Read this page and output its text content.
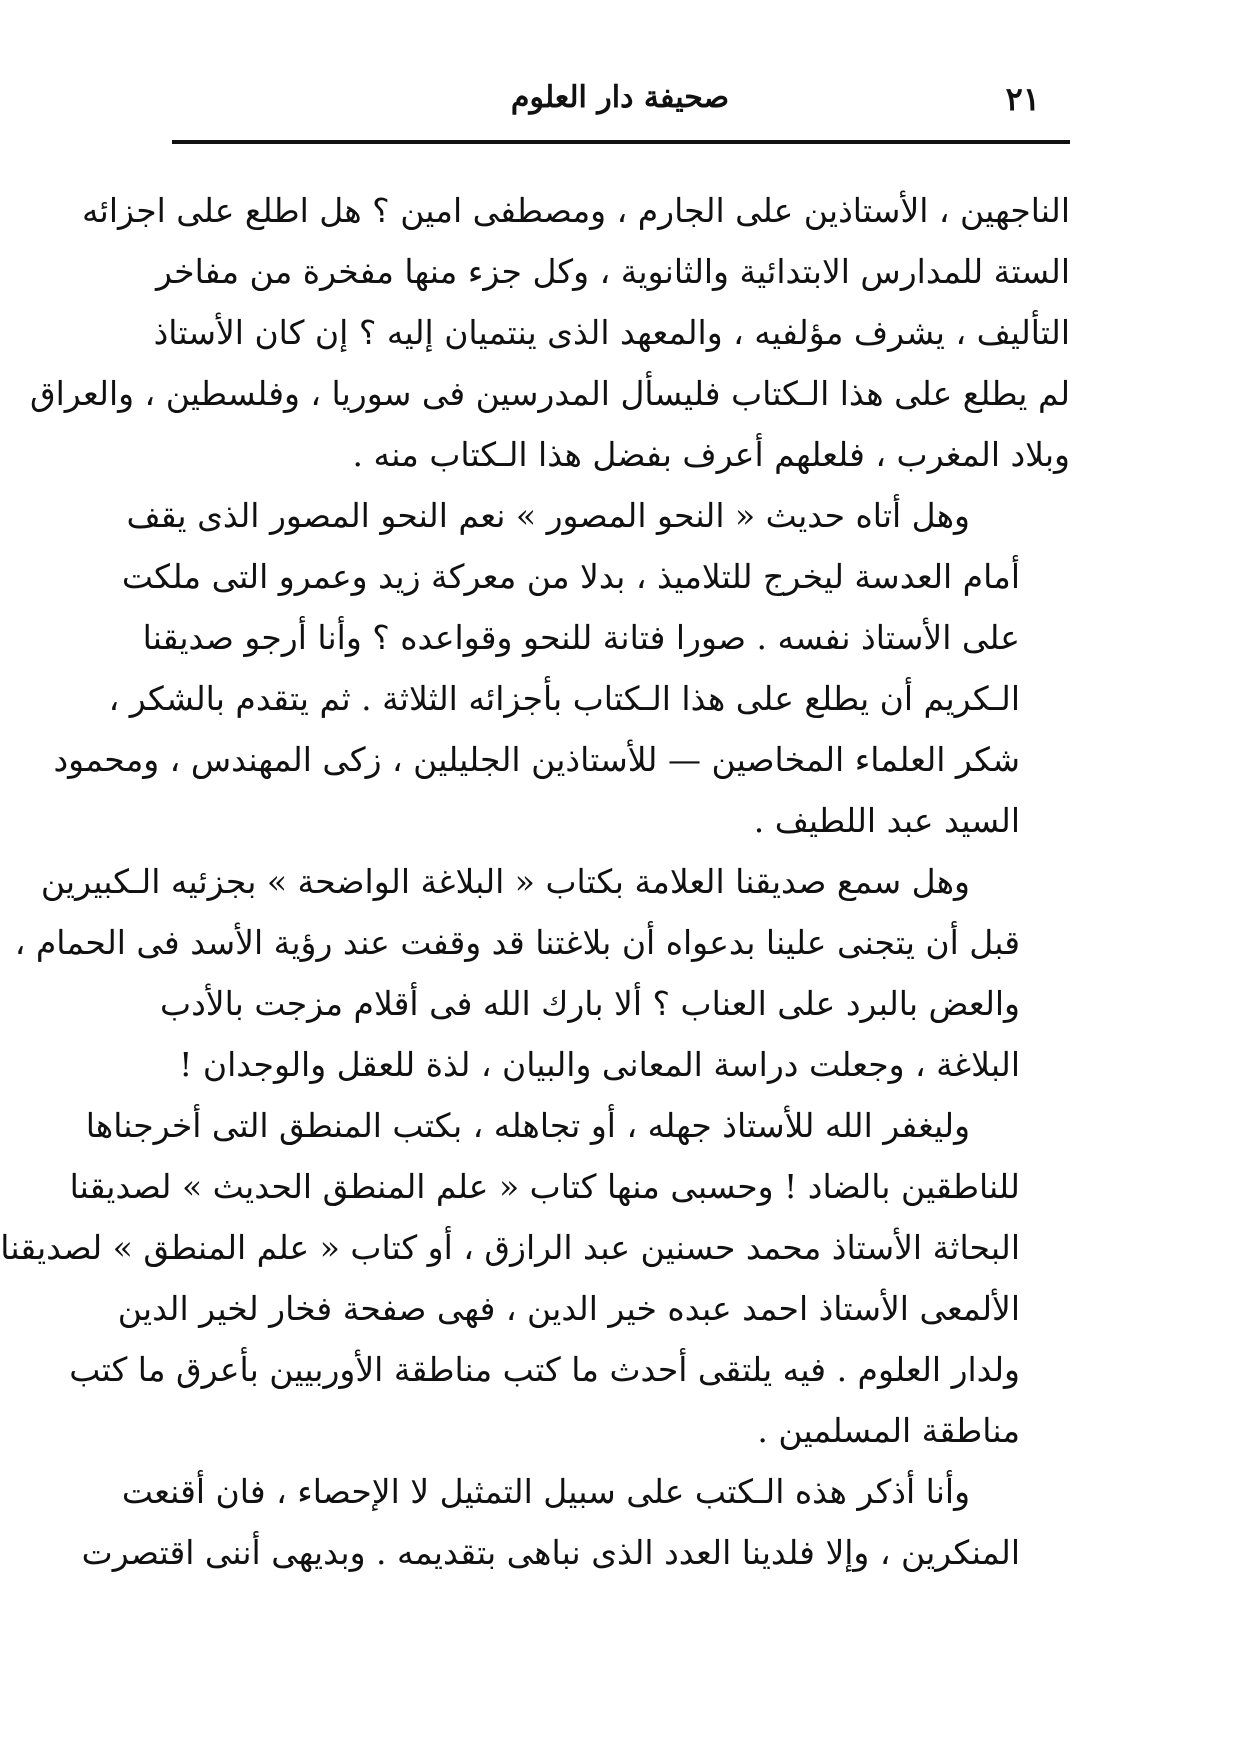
صحيفة دار العلوم	٢١
الناجهين ، الأستاذين على الجارم ، ومصطفى امين ؟ هل اطلع على اجزائه
الستة للمدارس الابتدائية والثانوية ، وكل جزء منها مفخرة من مفاخر
التأليف ، يشرف مؤلفيه ، والمعهد الذى ينتميان إليه ؟ إن كان الأستاذ
لم يطلع على هذا الـكتاب فليسأل المدرسين فى سوريا ، وفلسطين ، والعراق
وبلاد المغرب ، فلعلهم أعرف بفضل هذا الـكتاب منه .
وهل أتاه حديث « النحو المصور » نعم النحو المصور الذى يقف
أمام العدسة ليخرج للتلاميذ ، بدلا من معركة زيد وعمرو التى ملكت
على الأستاذ نفسه . صورا فتانة للنحو وقواعده ؟ وأنا أرجو صديقنا
الـكريم أن يطلع على هذا الـكتاب بأجزائه الثلاثة . ثم يتقدم بالشكر ،
شكر العلماء المخاصين — للأستاذين الجليلين ، زكى المهندس ، ومحمود
السيد عبد اللطيف .
وهل سمع صديقنا العلامة بكتاب « البلاغة الواضحة » بجزئيه الـكبيرين
قبل أن يتجنى علينا بدعواه أن بلاغتنا قد وقفت عند رؤية الأسد فى الحمام ،
والعض بالبرد على العناب ؟ ألا بارك الله فى أقلام مزجت بالأدب
البلاغة ، وجعلت دراسة المعانى والبيان ، لذة للعقل والوجدان !
وليغفر الله للأستاذ جهله ، أو تجاهله ، بكتب المنطق التى أخرجناها
للناطقين بالضاد ! وحسبى منها كتاب « علم المنطق الحديث » لصديقنا
البحاثة الأستاذ محمد حسنين عبد الرازق ، أو كتاب « علم المنطق » لصديقنا
الألمعى الأستاذ احمد عبده خير الدين ، فهى صفحة فخار لخير الدين
ولدار العلوم . فيه يلتقى أحدث ما كتب مناطقة الأوربيين بأعرق ما كتب
مناطقة المسلمين .
وأنا أذكر هذه الـكتب على سبيل التمثيل لا الإحصاء ، فان أقنعت
المنكرين ، وإلا فلدينا العدد الذى نباهى بتقديمه . وبديهى أننى اقتصرت
